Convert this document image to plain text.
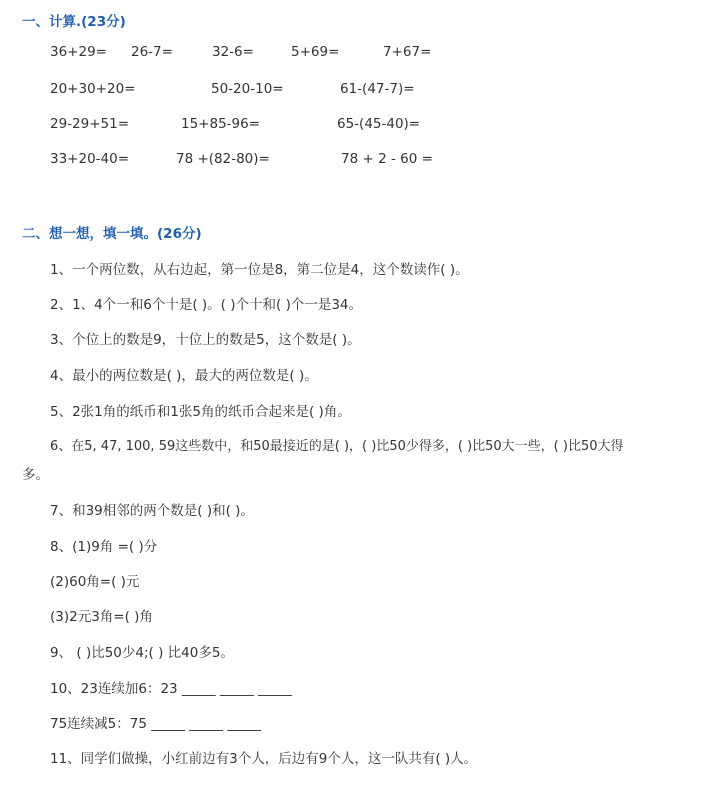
一、计算.(23分)
36+29= 26-7=	32-6=	5+69=	7+67=
20+30+20=	50-20-10=	61-(47-7)=
29-29+51=	15+85-96=	65-(45-40)=
33+20-40=	78 +(82-80)=	78 + 2 - 60 =
二、想一想，填一填。(26分)
1、一个两位数，从右边起，第一位是8，第二位是4，这个数读作( )。
2、1、4个一和6个十是( )。( )个十和( )个一是34。
3、个位上的数是9，十位上的数是5，这个数是( )。
4、最小的两位数是( )，最大的两位数是( )。
5、2张1角的纸币和1张5角的纸币合起来是( )角。
6、在5, 47, 100, 59这些数中，和50最接近的是( )，( )比50少得多，( )比50大一些，( )比50大得
多。
7、和39相邻的两个数是( )和( )。
8、(1)9角 =( )分
(2)60角=( )元
(3)2元3角=( )角
9、 ( )比50少4;( ) 比40多5。
10、23连续加6：23 _____ _____ _____
75连续减5：75 _____ _____ _____
11、同学们做操，小红前边有3个人，后边有9个人，这一队共有( )人。
